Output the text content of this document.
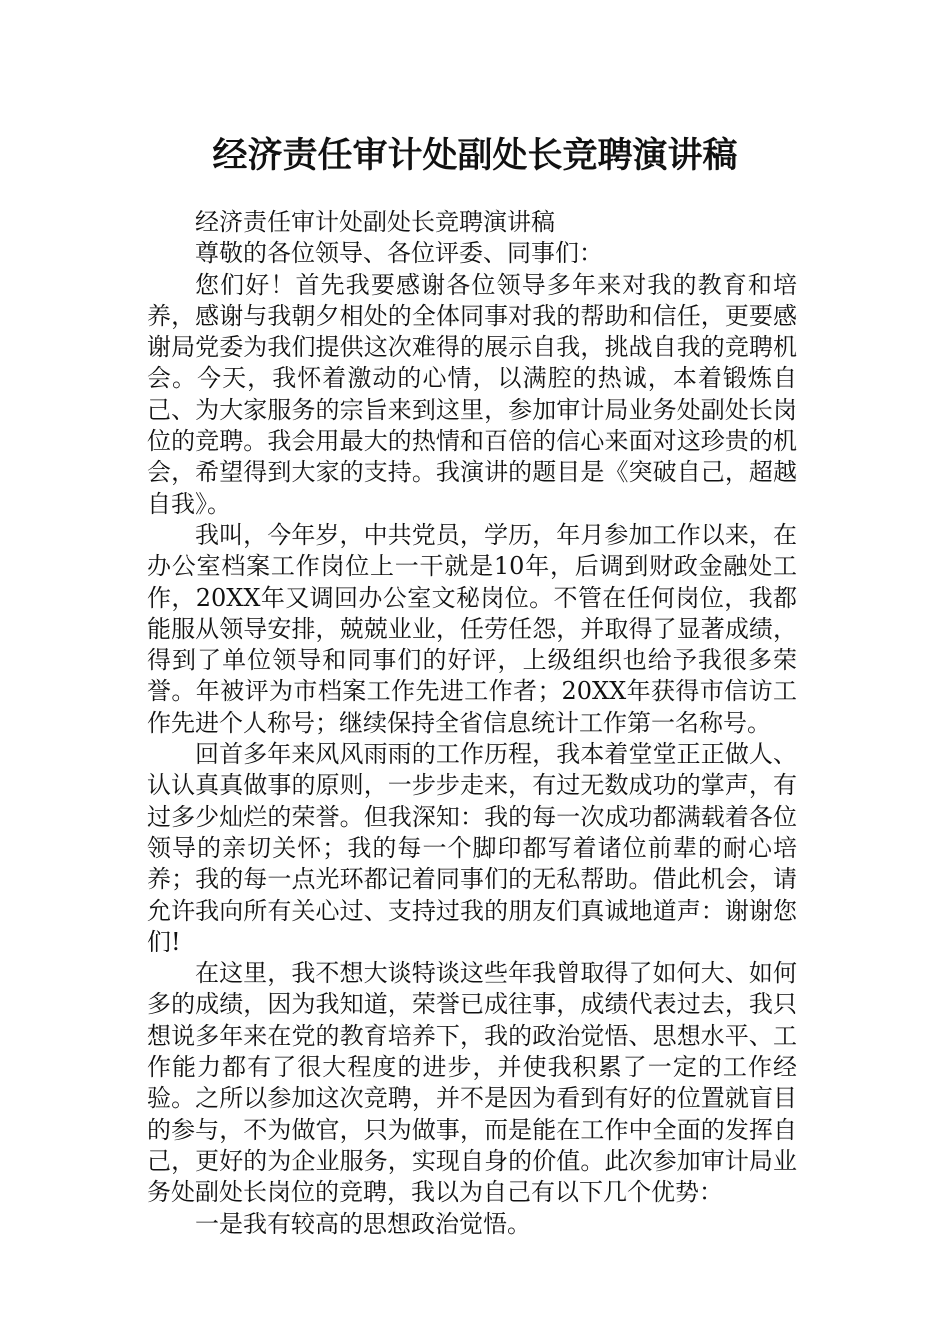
经济责任审计处副处长竞聘演讲稿

经济责任审计处副处长竞聘演讲稿

尊敬的各位领导、各位评委、同事们：

您们好！首先我要感谢各位领导多年来对我的教育和培养，感谢与我朝夕相处的全体同事对我的帮助和信任，更要感谢局党委为我们提供这次难得的展示自我，挑战自我的竞聘机会。今天，我怀着激动的心情，以满腔的热诚，本着锻炼自己、为大家服务的宗旨来到这里，参加审计局业务处副处长岗位的竞聘。我会用最大的热情和百倍的信心来面对这珍贵的机会，希望得到大家的支持。我演讲的题目是《突破自己，超越自我》。

我叫，今年岁，中共党员，学历，年月参加工作以来，在办公室档案工作岗位上一干就是10年，后调到财政金融处工作，20XX年又调回办公室文秘岗位。不管在任何岗位，我都能服从领导安排，兢兢业业，任劳任怨，并取得了显著成绩，得到了单位领导和同事们的好评，上级组织也给予我很多荣誉。年被评为市档案工作先进工作者；20XX年获得市信访工作先进个人称号；继续保持全省信息统计工作第一名称号。

回首多年来风风雨雨的工作历程，我本着堂堂正正做人、认认真真做事的原则，一步步走来，有过无数成功的掌声，有过多少灿烂的荣誉。但我深知：我的每一次成功都满载着各位领导的亲切关怀；我的每一个脚印都写着诸位前辈的耐心培养；我的每一点光环都记着同事们的无私帮助。借此机会，请允许我向所有关心过、支持过我的朋友们真诚地道声：谢谢您们!

在这里，我不想大谈特谈这些年我曾取得了如何大、如何多的成绩，因为我知道，荣誉已成往事，成绩代表过去，我只想说多年来在党的教育培养下，我的政治觉悟、思想水平、工作能力都有了很大程度的进步，并使我积累了一定的工作经验。之所以参加这次竞聘，并不是因为看到有好的位置就盲目的参与，不为做官，只为做事，而是能在工作中全面的发挥自己，更好的为企业服务，实现自身的价值。此次参加审计局业务处副处长岗位的竞聘，我以为自己有以下几个优势：

一是我有较高的思想政治觉悟。
